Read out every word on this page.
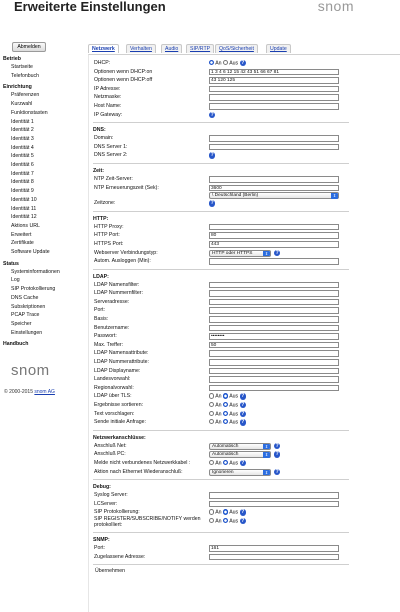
Erweiterte Einstellungen	snom
Abmelden
Betrieb
Startseite
Telefonbuch
Einrichtung
Präferenzen
Kurzwahl
Funktionstasten
Identität 1
Identität 2
Identität 3
Identität 4
Identität 5
Identität 6
Identität 7
Identität 8
Identität 9
Identität 10
Identität 11
Identität 12
Aktions URL
Erweitert
Zertifikate
Software Update
Status
Systeminformationen
Log
SIP Protokollierung
DNS Cache
Subskriptionen
PCAP Trace
Speicher
Einstellungen
Handbuch
snom
© 2000-2015 snom AG
Netzwerk	Verhalten	Audio	SIP/RTP	QoS/Sicherheit	Update
DHCP:	An Aus ?
Optionen wenn DHCP:on	1 3 4 6 12 15 42 43 51 66 67 81
Optionen wenn DHCP:off	43 120 125
IP Adresse:
Netzmaske:
Host Name:
IP Gateway:	?
DNS:
Domain:
DNS Server 1:
DNS Server 2:	?
Zeit:
NTP Zeit-Server:
NTP Erneuerungszeit (Sek):	3600
\ Deutschland (Berlin)	⇕
Zeitzone:	?
HTTP:
HTTP Proxy:
HTTP Port:	80
HTTPS Port:	443
Webserver Verbindungstyp:	HTTP oder HTTPS	⇕	?
Autom. Ausloggen (Min):
LDAP:
LDAP Namensfilter:
LDAP Nummernfilter:
Serveradresse:
Port:
Basis:
Benutzername:
Passwort:	••••••••
Max. Treffer:	50
LDAP Namensattribute:
LDAP Nummerattribute:
LDAP Displayname:
Landesvorwahl:
Regionalvorwahl:
LDAP über TLS:	An Aus ?
Ergebnisse sortieren:	An Aus ?
Text vorschlagen:	An Aus ?
Sende initiale Anfrage:	An Aus ?
Netzwerkanschlüsse:
Anschluß Net:	Automatisch	⇕	?
Anschluß PC:	Automatisch	⇕	?
Melde nicht verbundenes Netzwerkkabel :	An Aus ?
Aktion nach Ethernet Wiederanschluß:	Ignorieren	⇕	?
Debug:
Syslog Server:
LCServer:
SIP Protokollierung:	An Aus ?
SIP REGISTER/SUBSCRIBE/NOTIFY werden protokolliert:
An Aus ?
SNMP:
Port:	161
Zugelassene Adresse:
Übernehmen
